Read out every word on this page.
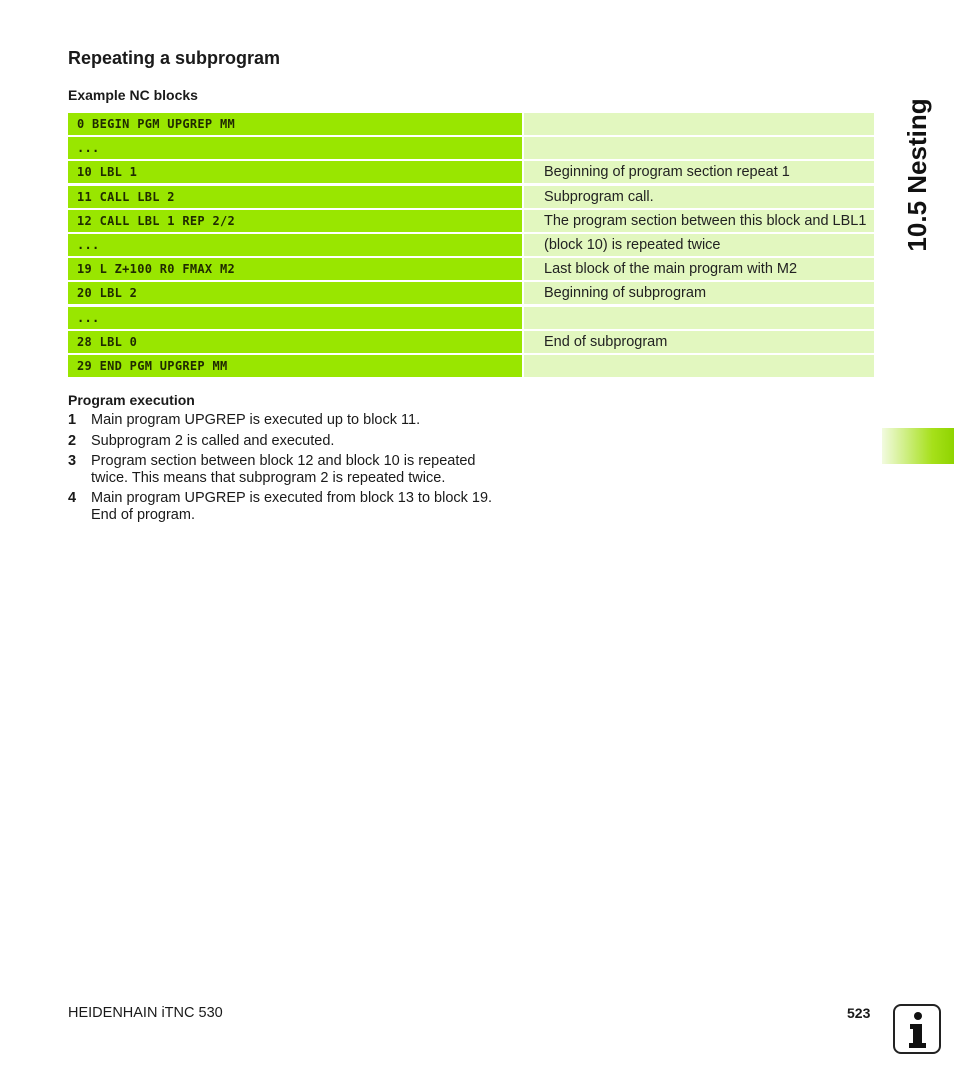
Repeating a subprogram
Example NC blocks
0 BEGIN PGM UPGREP MM
...
10 LBL 1	Beginning of program section repeat 1
11 CALL LBL 2	Subprogram call.
12 CALL LBL 1 REP 2/2	The program section between this block and LBL1
...	(block 10) is repeated twice
19 L Z+100 R0 FMAX M2	Last block of the main program with M2
20 LBL 2	Beginning of subprogram
...
28 LBL 0	End of subprogram
29 END PGM UPGREP MM
Program execution
1	Main program UPGREP is executed up to block 11.
2	Subprogram 2 is called and executed.
3	Program section between block 12 and block 10 is repeated twice. This means that subprogram 2 is repeated twice.
4	Main program UPGREP is executed from block 13 to block 19. End of program.
10.5 Nesting
HEIDENHAIN iTNC 530	523
